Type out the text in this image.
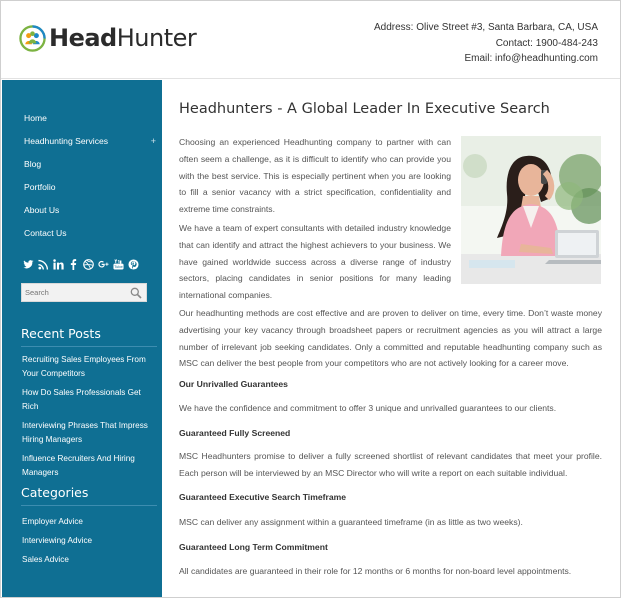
HeadHunter	Address: Olive Street #3, Santa Barbara, CA, USA
Contact: 1900-484-243
Email: info@headhunting.com
Home
Headhunting Services	+
Blog
Portfolio
About Us
Contact Us
Tube
Search
Recent Posts
Recruiting Sales Employees From Your Competitors
How Do Sales Professionals Get Rich
Interviewing Phrases That Impress Hiring Managers
Influence Recruiters And Hiring Managers
Categories
Employer Advice
Interviewing Advice
Sales Advice
Headhunters - A Global Leader In Executive Search
Choosing an experienced Headhunting company to partner with can often seem a challenge, as it is difficult to identify who can provide you with the best service. This is especially pertinent when you are looking to fill a senior vacancy with a strict specification, confidentiality and extreme time constraints.
We have a team of expert consultants with detailed industry knowledge that can identify and attract the highest achievers to your business. We have gained worldwide success across a diverse range of industry sectors, placing candidates in senior positions for many leading international companies.
Our headhunting methods are cost effective and are proven to deliver on time, every time. Don’t waste money advertising your key vacancy through broadsheet papers or recruitment agencies as you will attract a large number of irrelevant job seeking candidates. Only a committed and reputable headhunting company such as MSC can deliver the best people from your competitors who are not actively looking for a career move.
Our Unrivalled Guarantees
We have the confidence and commitment to offer 3 unique and unrivalled guarantees to our clients.
Guaranteed Fully Screened
MSC Headhunters promise to deliver a fully screened shortlist of relevant candidates that meet your profile. Each person will be interviewed by an MSC Director who will write a report on each suitable individual.
Guaranteed Executive Search Timeframe
MSC can deliver any assignment within a guaranteed timeframe (in as little as two weeks).
Guaranteed Long Term Commitment
All candidates are guaranteed in their role for 12 months or 6 months for non-board level appointments.
